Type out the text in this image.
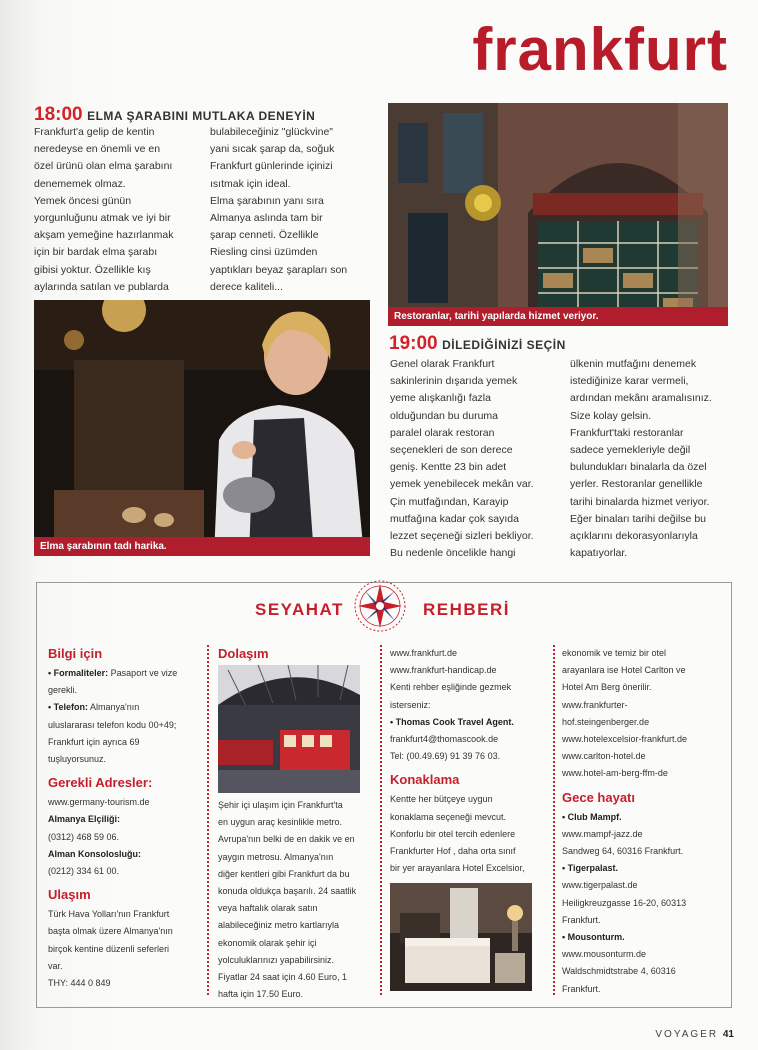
frankfurt
18:00 ELMA ŞARABINI MUTLAKA DENEYİN
Frankfurt'a gelip de kentin
neredeyse en önemli ve en
özel ürünü olan elma şarabını
denememek olmaz.
Yemek öncesi günün
yorgunluğunu atmak ve iyi bir
akşam yemeğine hazırlanmak
için bir bardak elma şarabı
gibisi yoktur. Özellikle kış
aylarında satılan ve publarda
bulabileceğiniz "glückvine"
yani sıcak şarap da, soğuk
Frankfurt günlerinde içinizi
ısıtmak için ideal.
Elma şarabının yanı sıra
Almanya aslında tam bir
şarap cenneti. Özellikle
Riesling cinsi üzümden
yaptıkları beyaz şarapları son
derece kaliteli...
Restoranlar, tarihi yapılarda hizmet veriyor.
Elma şarabının tadı harika.
19:00 DİLEDİĞİNİZİ SEÇİN
Genel olarak Frankfurt
sakinlerinin dışarıda yemek
yeme alışkanlığı fazla
olduğundan bu duruma
paralel olarak restoran
seçenekleri de son derece
geniş. Kentte 23 bin adet
yemek yenebilecek mekân var.
Çin mutfağından, Karayip
mutfağına kadar çok sayıda
lezzet seçeneği sizleri bekliyor.
Bu nedenle öncelikle hangi
ülkenin mutfağını denemek
istediğinize karar vermeli,
ardından mekânı aramalısınız.
Size kolay gelsin.
Frankfurt'taki restoranlar
sadece yemekleriyle değil
bulundukları binalarla da özel
yerler. Restoranlar genellikle
tarihi binalarda hizmet veriyor.
Eğer binaları tarihi değilse bu
açıklarını dekorasyonlarıyla
kapatıyorlar.
SEYAHAT	REHBERİ
Bilgi için
• Formaliteler: Pasaport ve vize
gerekli.
• Telefon: Almanya'nın
uluslararası telefon kodu 00+49;
Frankfurt için ayrıca 69
tuşluyorsunuz.
Gerekli Adresler:
www.germany-tourism.de
Almanya Elçiliği:
(0312) 468 59 06.
Alman Konsolosluğu:
(0212) 334 61 00.
Ulaşım
Türk Hava Yolları'nın Frankfurt
başta olmak üzere Almanya'nın
birçok kentine düzenli seferleri
var.
THY: 444 0 849
Dolaşım
Şehir içi ulaşım için Frankfurt'ta
en uygun araç kesinlikle metro.
Avrupa'nın belki de en dakik ve en
yaygın metrosu. Almanya'nın
diğer kentleri gibi Frankfurt da bu
konuda oldukça başarılı. 24 saatlik
veya haftalık olarak satın
alabileceğiniz metro kartlarıyla
ekonomik olarak şehir içi
yolculuklarınızı yapabilirsiniz.
Fiyatlar 24 saat için 4.60 Euro, 1
hafta için 17.50 Euro.
www.frankfurt.de
www.frankfurt-handicap.de
Kenti rehber eşliğinde gezmek
isterseniz:
• Thomas Cook Travel Agent.
frankfurt4@thomascook.de
Tel: (00.49.69) 91 39 76 03.
Konaklama
Kentte her bütçeye uygun
konaklama seçeneği mevcut.
Konforlu bir otel tercih edenlere
Frankfurter Hof , daha orta sınıf
bir yer arayanlara Hotel Excelsior,
ekonomik ve temiz bir otel
arayanlara ise Hotel Carlton ve
Hotel Am Berg önerilir.
www.frankfurter-
hof.steingenberger.de
www.hotelexcelsior-frankfurt.de
www.carlton-hotel.de
www.hotel-am-berg-ffm-de
Gece hayatı
• Club Mampf.
www.mampf-jazz.de
Sandweg 64, 60316 Frankfurt.
• Tigerpalast.
www.tigerpalast.de
Heiligkreuzgasse 16-20, 60313
Frankfurt.
• Mousonturm.
www.mousonturm.de
Waldschmidtstrabe 4, 60316
Frankfurt.
VOYAGER 41
